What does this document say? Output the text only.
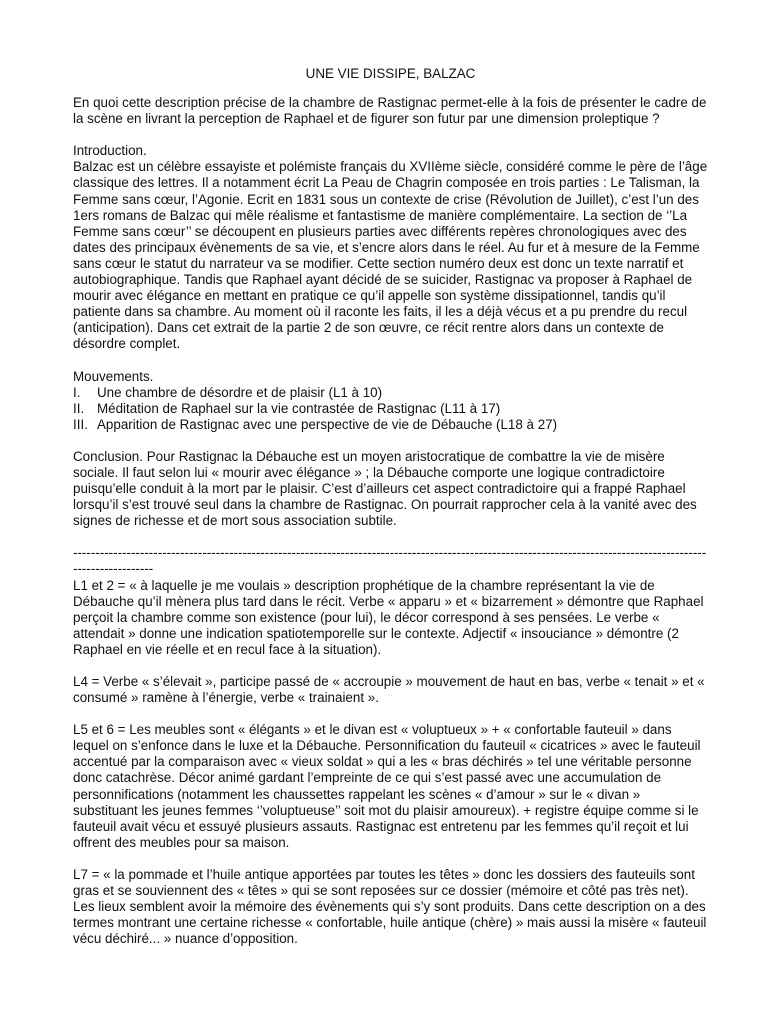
UNE VIE DISSIPE, BALZAC

En quoi cette description précise de la chambre de Rastignac permet-elle à la fois de présenter le cadre de la scène en livrant la perception de Raphael et de figurer son futur par une dimension proleptique ?

Introduction.

Balzac est un célèbre essayiste et polémiste français du XVIIème siècle, considéré comme le père de l’âge classique des lettres. Il a notamment écrit La Peau de Chagrin composée en trois parties : Le Talisman, la Femme sans cœur, l’Agonie. Ecrit en 1831 sous un contexte de crise (Révolution de Juillet), c’est l’un des 1ers romans de Balzac qui mêle réalisme et fantastisme de manière complémentaire. La section de ‘’La Femme sans cœur’’ se découpent en plusieurs parties avec différents repères chronologiques avec des dates des principaux évènements de sa vie, et s’encre alors dans le réel. Au fur et à mesure de la Femme sans cœur le statut du narrateur va se modifier. Cette section numéro deux est donc un texte narratif et autobiographique. Tandis que Raphael ayant décidé de se suicider, Rastignac va proposer à Raphael de mourir avec élégance en mettant en pratique ce qu’il appelle son système dissipationnel, tandis qu’il patiente dans sa chambre. Au moment où il raconte les faits, il les a déjà vécus et a pu prendre du recul (anticipation). Dans cet extrait de la partie 2 de son œuvre, ce récit rentre alors dans un contexte de désordre complet.

Mouvements.

I.	Une chambre de désordre et de plaisir (L1 à 10)
II. Méditation de Raphael sur la vie contrastée de Rastignac (L11 à 17)
III. Apparition de Rastignac avec une perspective de vie de Débauche (L18 à 27)

Conclusion. Pour Rastignac la Débauche est un moyen aristocratique de combattre la vie de misère sociale. Il faut selon lui « mourir avec élégance » ; la Débauche comporte une logique contradictoire puisqu’elle conduit à la mort par le plaisir. C’est d’ailleurs cet aspect contradictoire qui a frappé Raphael lorsqu’il s’est trouvé seul dans la chambre de Rastignac. On pourrait rapprocher cela à la vanité avec des signes de richesse et de mort sous association subtile.

----------------------------------------------------------------------------------------------------------------------------------------------------------------

L1 et 2 = « à laquelle je me voulais » description prophétique de la chambre représentant la vie de Débauche qu’il mènera plus tard dans le récit. Verbe « apparu » et « bizarrement » démontre que Raphael perçoit la chambre comme son existence (pour lui), le décor correspond à ses pensées. Le verbe « attendait » donne une indication spatiotemporelle sur le contexte. Adjectif « insouciance » démontre (2 Raphael en vie réelle et en recul face à la situation).

L4 = Verbe « s’élevait », participe passé de « accroupie » mouvement de haut en bas, verbe « tenait » et « consumé » ramène à l’énergie, verbe « trainaient ».

L5 et 6 = Les meubles sont « élégants » et le divan est « voluptueux » + « confortable fauteuil » dans lequel on s’enfonce dans le luxe et la Débauche. Personnification du fauteuil « cicatrices » avec le fauteuil accentué par la comparaison avec « vieux soldat » qui a les « bras déchirés » tel une véritable personne donc catachrèse. Décor animé gardant l’empreinte de ce qui s’est passé avec une accumulation de personnifications (notamment les chaussettes rappelant les scènes « d’amour » sur le « divan » substituant les jeunes femmes ‘’voluptueuse’’ soit mot du plaisir amoureux). + registre équipe comme si le fauteuil avait vécu et essuyé plusieurs assauts. Rastignac est entretenu par les femmes qu’il reçoit et lui offrent des meubles pour sa maison.

L7 = « la pommade et l’huile antique apportées par toutes les têtes » donc les dossiers des fauteuils sont gras et se souviennent des « têtes » qui se sont reposées sur ce dossier (mémoire et côté pas très net). Les lieux semblent avoir la mémoire des évènements qui s’y sont produits. Dans cette description on a des termes montrant une certaine richesse « confortable, huile antique (chère) » mais aussi la misère « fauteuil vécu déchiré... » nuance d’opposition.
